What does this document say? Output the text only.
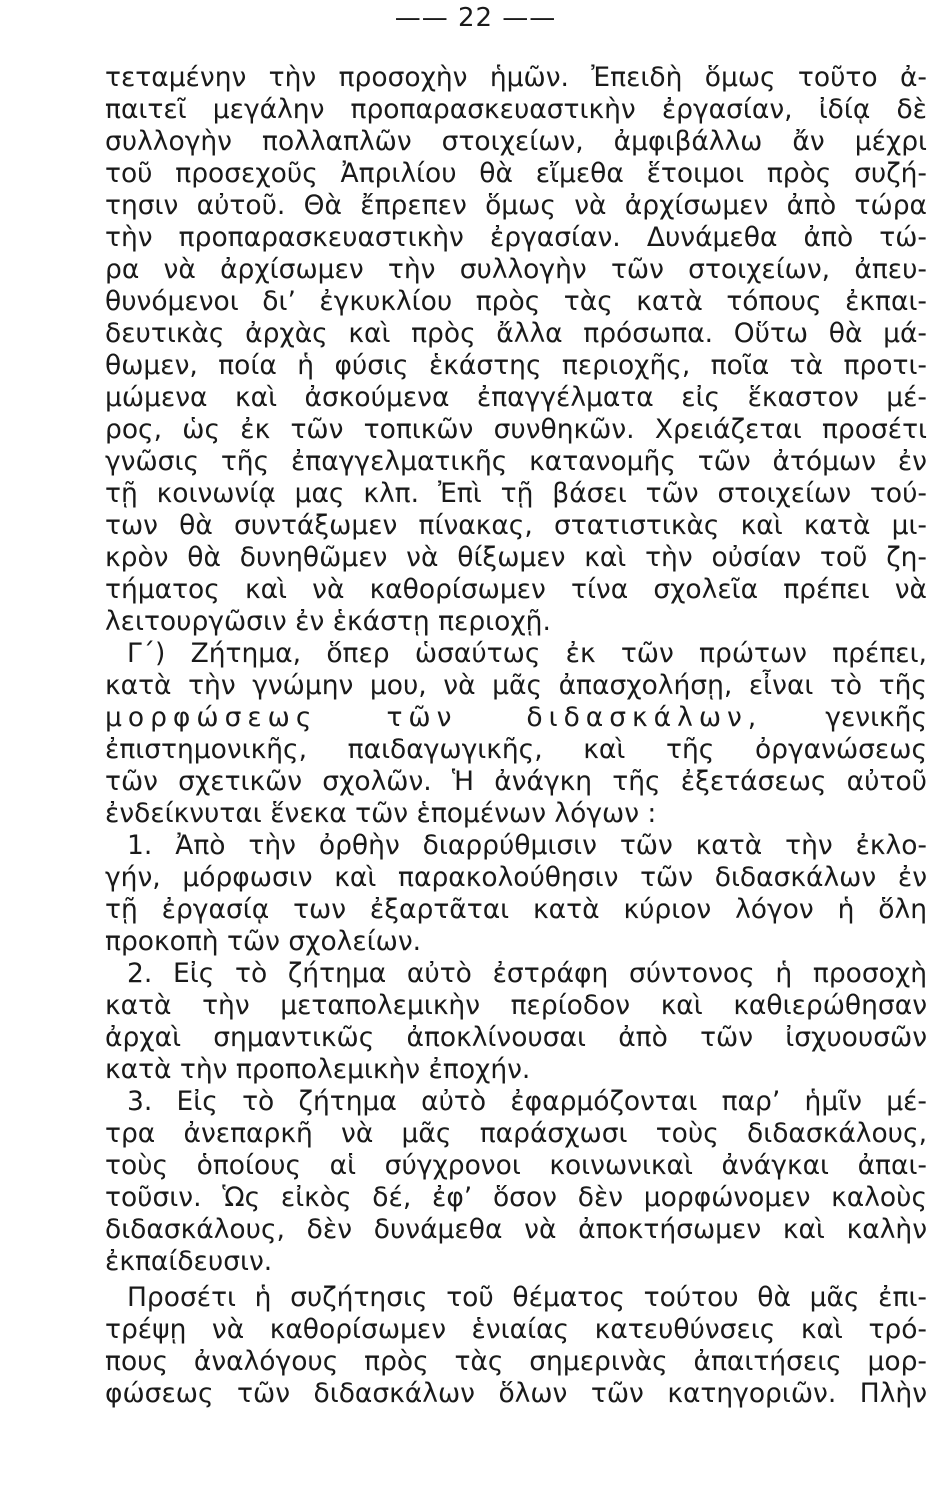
—— 22 ——
τεταμένην τὴν προσοχὴν ἡμῶν. Ἐπειδὴ ὅμως τοῦτο ἀ-
παιτεῖ μεγάλην προπαρασκευαστικὴν ἐργασίαν, ἰδίᾳ δὲ
συλλογὴν πολλαπλῶν στοιχείων, ἀμφιβάλλω ἄν μέχρι
τοῦ προσεχοῦς Ἀπριλίου θὰ εἴμεθα ἕτοιμοι πρὸς συζή-
τησιν αὐτοῦ. Θὰ ἔπρεπεν ὅμως νὰ ἀρχίσωμεν ἀπὸ τώρα
τὴν προπαρασκευαστικὴν ἐργασίαν. Δυνάμεθα ἀπὸ τώ-
ρα νὰ ἀρχίσωμεν τὴν συλλογὴν τῶν στοιχείων, ἀπευ-
θυνόμενοι δι’ ἐγκυκλίου πρὸς τὰς κατὰ τόπους ἐκπαι-
δευτικὰς ἀρχὰς καὶ πρὸς ἄλλα πρόσωπα. Οὕτω θὰ μά-
θωμεν, ποία ἡ φύσις ἑκάστης περιοχῆς, ποῖα τὰ προτι-
μώμενα καὶ ἀσκούμενα ἐπαγγέλματα εἰς ἕκαστον μέ-
ρος, ὡς ἐκ τῶν τοπικῶν συνθηκῶν. Χρειάζεται προσέτι
γνῶσις τῆς ἐπαγγελματικῆς κατανομῆς τῶν ἀτόμων ἐν
τῇ κοινωνίᾳ μας κλπ. Ἐπὶ τῇ βάσει τῶν στοιχείων τού-
των θὰ συντάξωμεν πίνακας, στατιστικὰς καὶ κατὰ μι-
κρὸν θὰ δυνηθῶμεν νὰ θίξωμεν καὶ τὴν οὐσίαν τοῦ ζη-
τήματος καὶ νὰ καθορίσωμεν τίνα σχολεῖα πρέπει νὰ
λειτουργῶσιν ἐν ἑκάστῃ περιοχῇ.
Γ΄) Ζήτημα, ὅπερ ὡσαύτως ἐκ τῶν πρώτων πρέπει,
κατὰ τὴν γνώμην μου, νὰ μᾶς ἀπασχολήσῃ, εἶναι τὸ τῆς
μορφώσεως τῶν διδασκάλων, γενικῆς
ἐπιστημονικῆς, παιδαγωγικῆς, καὶ τῆς ὀργανώσεως
τῶν σχετικῶν σχολῶν. Ἡ ἀνάγκη τῆς ἐξετάσεως αὐτοῦ
ἐνδείκνυται ἕνεκα τῶν ἑπομένων λόγων :
1. Ἀπὸ τὴν ὀρθὴν διαρρύθμισιν τῶν κατὰ τὴν ἐκλο-
γήν, μόρφωσιν καὶ παρακολούθησιν τῶν διδασκάλων ἐν
τῇ ἐργασίᾳ των ἐξαρτᾶται κατὰ κύριον λόγον ἡ ὅλη
προκοπὴ τῶν σχολείων.
2. Εἰς τὸ ζήτημα αὐτὸ ἐστράφη σύντονος ἡ προσοχὴ
κατὰ τὴν μεταπολεμικὴν περίοδον καὶ καθιερώθησαν
ἀρχαὶ σημαντικῶς ἀποκλίνουσαι ἀπὸ τῶν ἰσχυουσῶν
κατὰ τὴν προπολεμικὴν ἐποχήν.
3. Εἰς τὸ ζήτημα αὐτὸ ἐφαρμόζονται παρ’ ἡμῖν μέ-
τρα ἀνεπαρκῆ νὰ μᾶς παράσχωσι τοὺς διδασκάλους,
τοὺς ὁποίους αἱ σύγχρονοι κοινωνικαὶ ἀνάγκαι ἀπαι-
τοῦσιν. Ὡς εἰκὸς δέ, ἐφ’ ὅσον δὲν μορφώνομεν καλοὺς
διδασκάλους, δὲν δυνάμεθα νὰ ἀποκτήσωμεν καὶ καλὴν
ἐκπαίδευσιν.
Προσέτι ἡ συζήτησις τοῦ θέματος τούτου θὰ μᾶς ἐπι-
τρέψῃ νὰ καθορίσωμεν ἑνιαίας κατευθύνσεις καὶ τρό-
πους ἀναλόγους πρὸς τὰς σημερινὰς ἀπαιτήσεις μορ-
φώσεως τῶν διδασκάλων ὅλων τῶν κατηγοριῶν. Πλὴν
